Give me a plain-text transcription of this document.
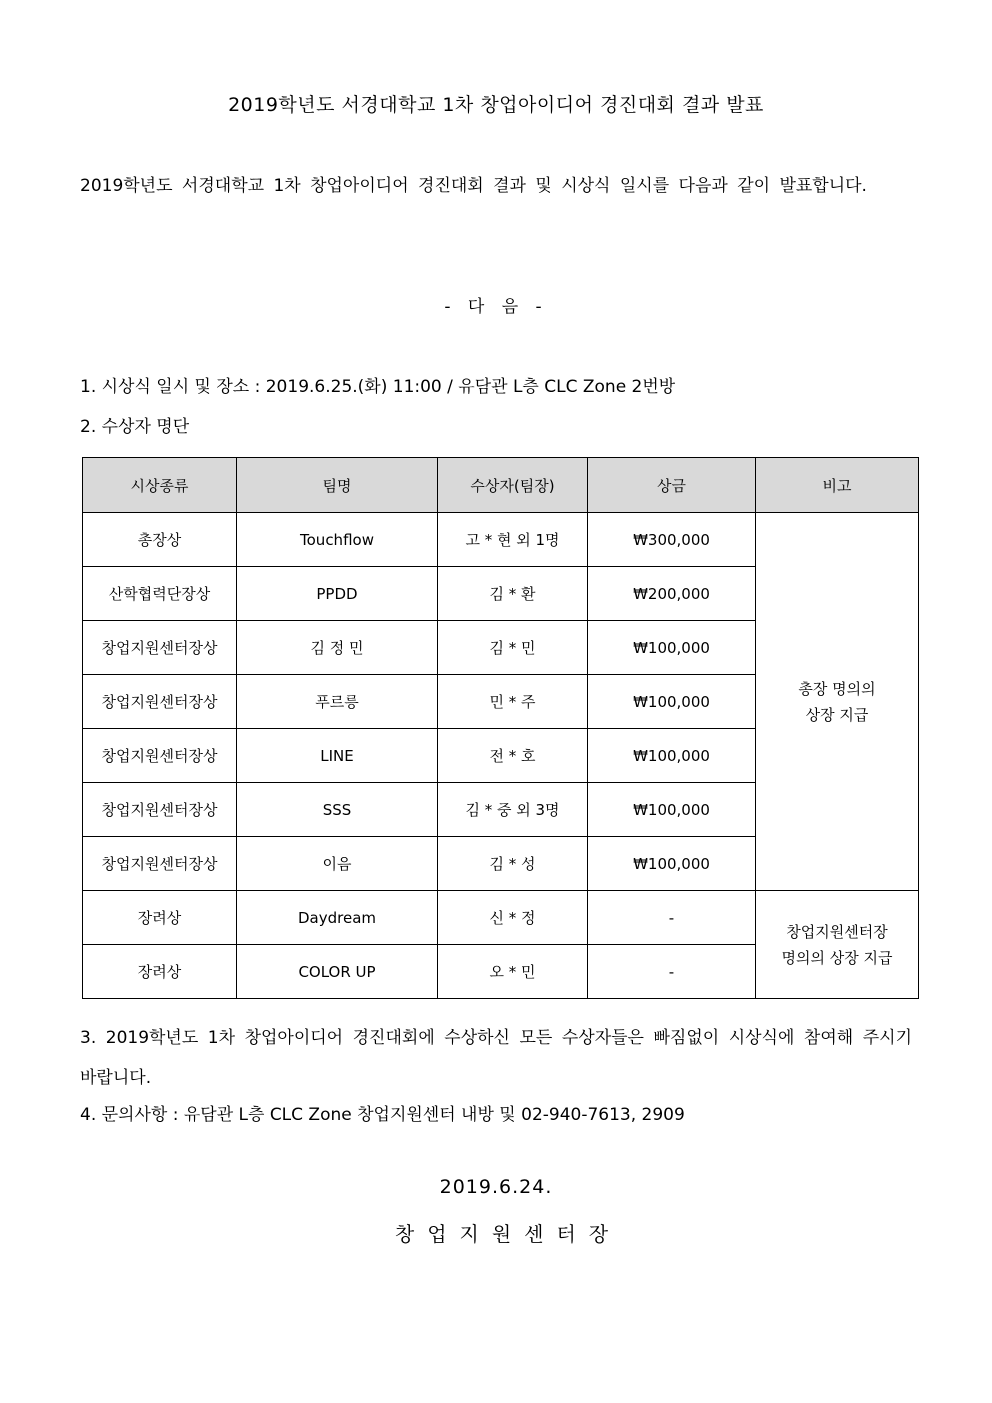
2019학년도 서경대학교 1차 창업아이디어 경진대회 결과 발표
2019학년도 서경대학교 1차 창업아이디어 경진대회 결과 및 시상식 일시를 다음과 같이 발표합니다.
- 다 음 -
1. 시상식 일시 및 장소 : 2019.6.25.(화) 11:00 / 유담관 L층 CLC Zone 2번방
2. 수상자 명단
시상종류	팀명	수상자(팀장)	상금	비고
총장상	Touchflow	고 * 현 외 1명	₩300,000	총장 명의의
상장 지급

산학협력단장상	PPDD	김 * 환	₩200,000	
창업지원센터장상	김 정 민	김 * 민	₩100,000	
창업지원센터장상	푸르릉	민 * 주	₩100,000	
창업지원센터장상	LINE	전 * 호	₩100,000	
창업지원센터장상	SSS	김 * 중 외 3명	₩100,000	
창업지원센터장상	이음	김 * 성	₩100,000	
장려상	Daydream	신 * 정	-	창업지원센터장
명의의 상장 지급

장려상	COLOR UP	오 * 민	-	
3. 2019학년도 1차 창업아이디어 경진대회에 수상하신 모든 수상자들은 빠짐없이 시상식에 참여해 주시기 바랍니다.
4. 문의사항 : 유담관 L층 CLC Zone 창업지원센터 내방 및 02-940-7613, 2909
2019.6.24.
창업지원센터장
